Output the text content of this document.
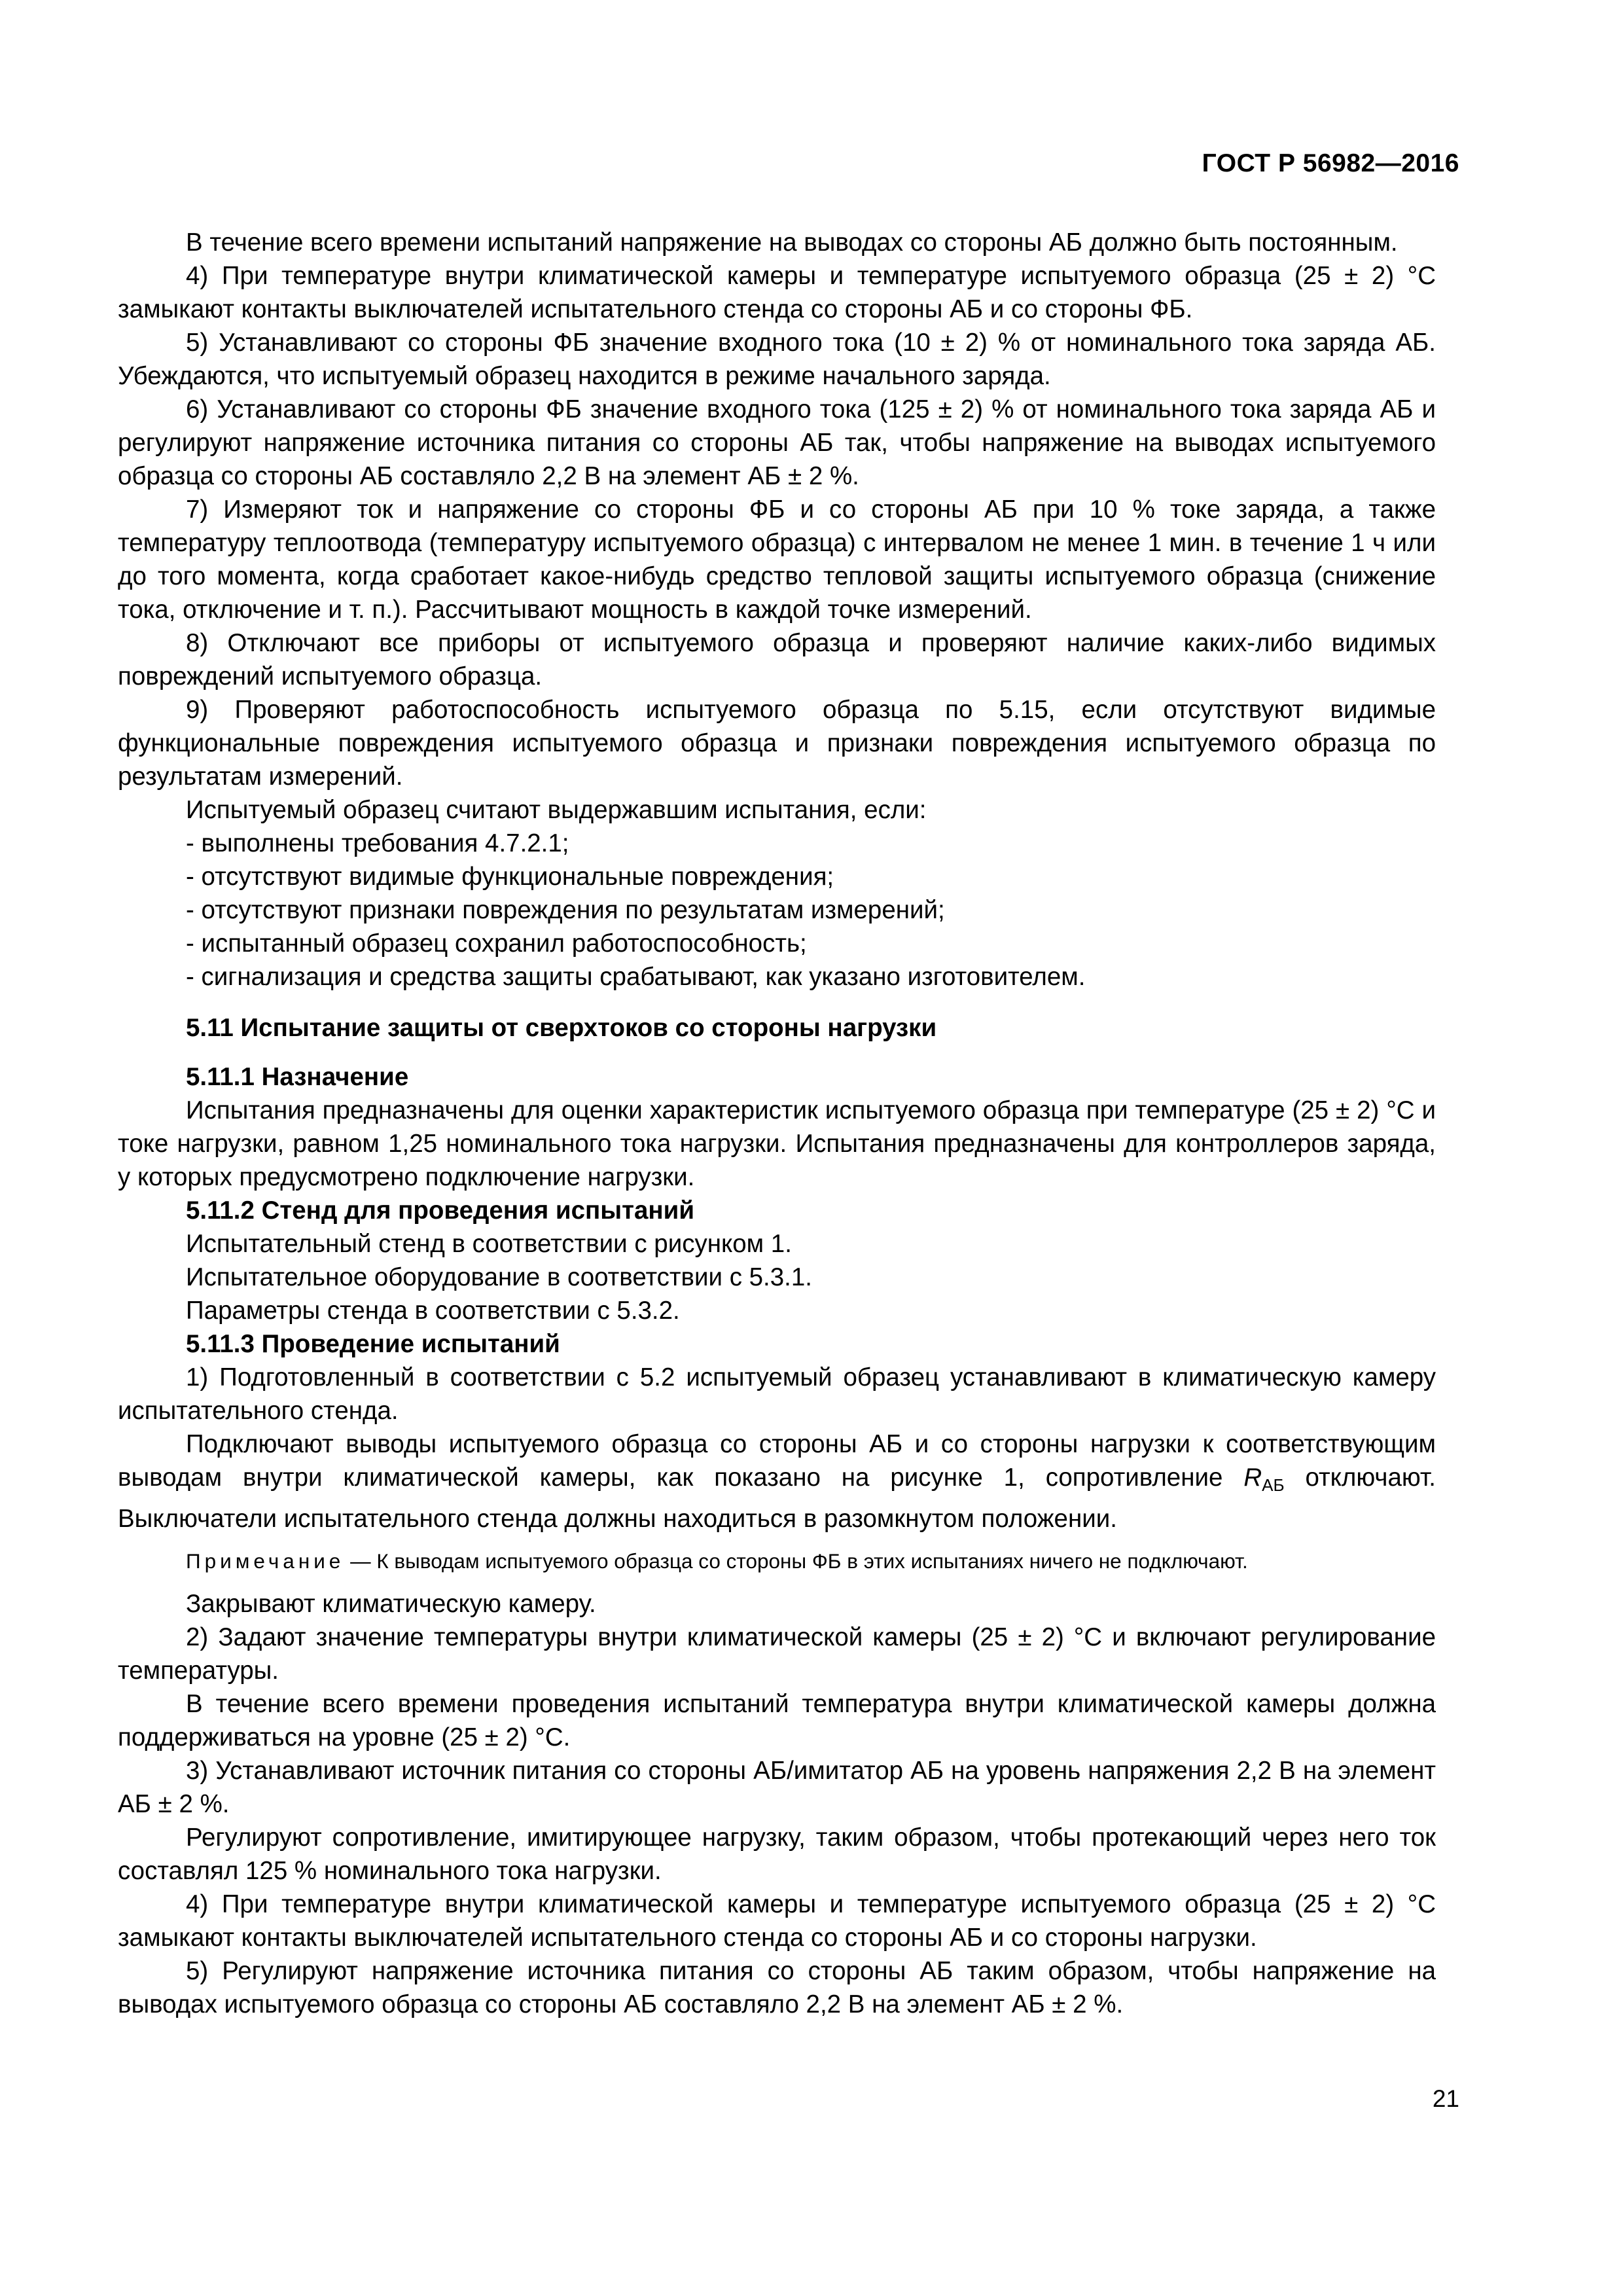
ГОСТ Р 56982—2016

В течение всего времени испытаний напряжение на выводах со стороны АБ должно быть постоянным.

4) При температуре внутри климатической камеры и температуре испытуемого образца (25 ± 2) °С замыкают контакты выключателей испытательного стенда со стороны АБ и со стороны ФБ.

5) Устанавливают со стороны ФБ значение входного тока (10 ± 2) % от номинального тока заряда АБ. Убеждаются, что испытуемый образец находится в режиме начального заряда.

6) Устанавливают со стороны ФБ значение входного тока (125 ± 2) % от номинального тока заряда АБ и регулируют напряжение источника питания со стороны АБ так, чтобы напряжение на выводах испытуемого образца со стороны АБ составляло 2,2 В на элемент АБ ± 2 %.

7) Измеряют ток и напряжение со стороны ФБ и со стороны АБ при 10 % токе заряда, а также температуру теплоотвода (температуру испытуемого образца) с интервалом не менее 1 мин. в течение 1 ч или до того момента, когда сработает какое-нибудь средство тепловой защиты испытуемого образца (снижение тока, отключение и т. п.). Рассчитывают мощность в каждой точке измерений.

8) Отключают все приборы от испытуемого образца и проверяют наличие каких-либо видимых повреждений испытуемого образца.

9) Проверяют работоспособность испытуемого образца по 5.15, если отсутствуют видимые функциональные повреждения испытуемого образца и признаки повреждения испытуемого образца по результатам измерений.

Испытуемый образец считают выдержавшим испытания, если:

- выполнены требования 4.7.2.1;

- отсутствуют видимые функциональные повреждения;

- отсутствуют признаки повреждения по результатам измерений;

- испытанный образец сохранил работоспособность;

- сигнализация и средства защиты срабатывают, как указано изготовителем.

5.11 Испытание защиты от сверхтоков со стороны нагрузки

5.11.1 Назначение

Испытания предназначены для оценки характеристик испытуемого образца при температуре (25 ± 2) °С и токе нагрузки, равном 1,25 номинального тока нагрузки. Испытания предназначены для контроллеров заряда, у которых предусмотрено подключение нагрузки.

5.11.2 Стенд для проведения испытаний

Испытательный стенд в соответствии с рисунком 1.

Испытательное оборудование в соответствии с 5.3.1.

Параметры стенда в соответствии с 5.3.2.

5.11.3 Проведение испытаний

1) Подготовленный в соответствии с 5.2 испытуемый образец устанавливают в климатическую камеру испытательного стенда.

Подключают выводы испытуемого образца со стороны АБ и со стороны нагрузки к соответствующим выводам внутри климатической камеры, как показано на рисунке 1, сопротивление $R_{АБ}$ отключают. Выключатели испытательного стенда должны находиться в разомкнутом положении.

Примечание — К выводам испытуемого образца со стороны ФБ в этих испытаниях ничего не подключают.

Закрывают климатическую камеру.

2) Задают значение температуры внутри климатической камеры (25 ± 2) °С и включают регулирование температуры.

В течение всего времени проведения испытаний температура внутри климатической камеры должна поддерживаться на уровне (25 ± 2) °С.

3) Устанавливают источник питания со стороны АБ/имитатор АБ на уровень напряжения 2,2 В на элемент АБ ± 2 %.

Регулируют сопротивление, имитирующее нагрузку, таким образом, чтобы протекающий через него ток составлял 125 % номинального тока нагрузки.

4) При температуре внутри климатической камеры и температуре испытуемого образца (25 ± 2) °С замыкают контакты выключателей испытательного стенда со стороны АБ и со стороны нагрузки.

5) Регулируют напряжение источника питания со стороны АБ таким образом, чтобы напряжение на выводах испытуемого образца со стороны АБ составляло 2,2 В на элемент АБ ± 2 %.

21
